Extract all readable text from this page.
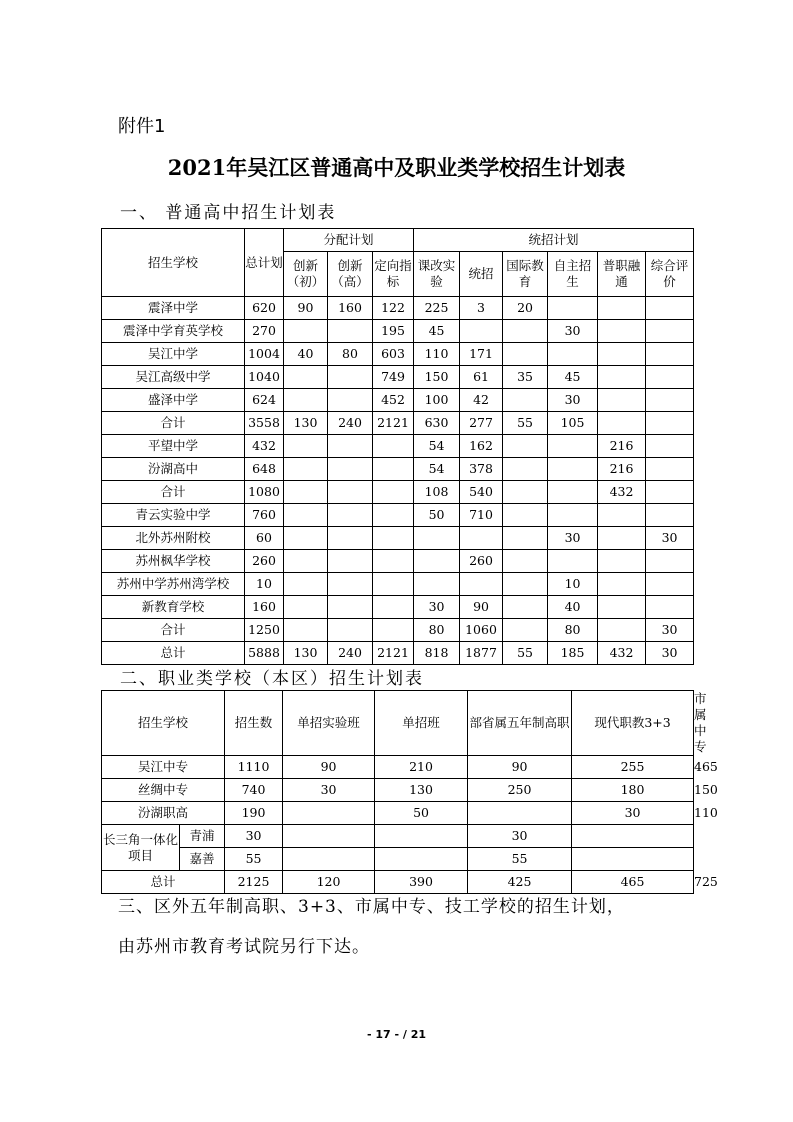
附件1
2021年吴江区普通高中及职业类学校招生计划表
一、 普通高中招生计划表
招生学校	总计划	分配计划			统招计划					
		创新（初）	创新（高）	定向指标	课改实验	统招	国际教育	自主招生	普职融通	综合评价
震泽中学	620	90	160	122	225	3	20			
震泽中学育英学校	270			195	45			30		
吴江中学	1004	40	80	603	110	171				
吴江高级中学	1040			749	150	61	35	45		
盛泽中学	624			452	100	42		30		
合计	3558	130	240	2121	630	277	55	105		
平望中学	432				54	162			216	
汾湖高中	648				54	378			216	
合计	1080				108	540			432	
青云实验中学	760				50	710				
北外苏州附校	60							30		30
苏州枫华学校	260					260				
苏州中学苏州湾学校	10							10		
新教育学校	160				30	90		40		
合计	1250				80	1060		80		30
总计	5888	130	240	2121	818	1877	55	185	432	30
二、职业类学校（本区）招生计划表
招生学校		招生数	单招实验班	单招班	部省属五年制高职	现代职教3+3	市属中专
吴江中专		1110	90	210	90	255	465
丝绸中专		740	30	130	250	180	150
汾湖职高		190		50		30	110
长三角一体化项目	青浦	30			30		
	嘉善	55			55		
总计		2125	120	390	425	465	725
三、区外五年制高职、3+3、市属中专、技工学校的招生计划，
由苏州市教育考试院另行下达。
- 17 - / 21
